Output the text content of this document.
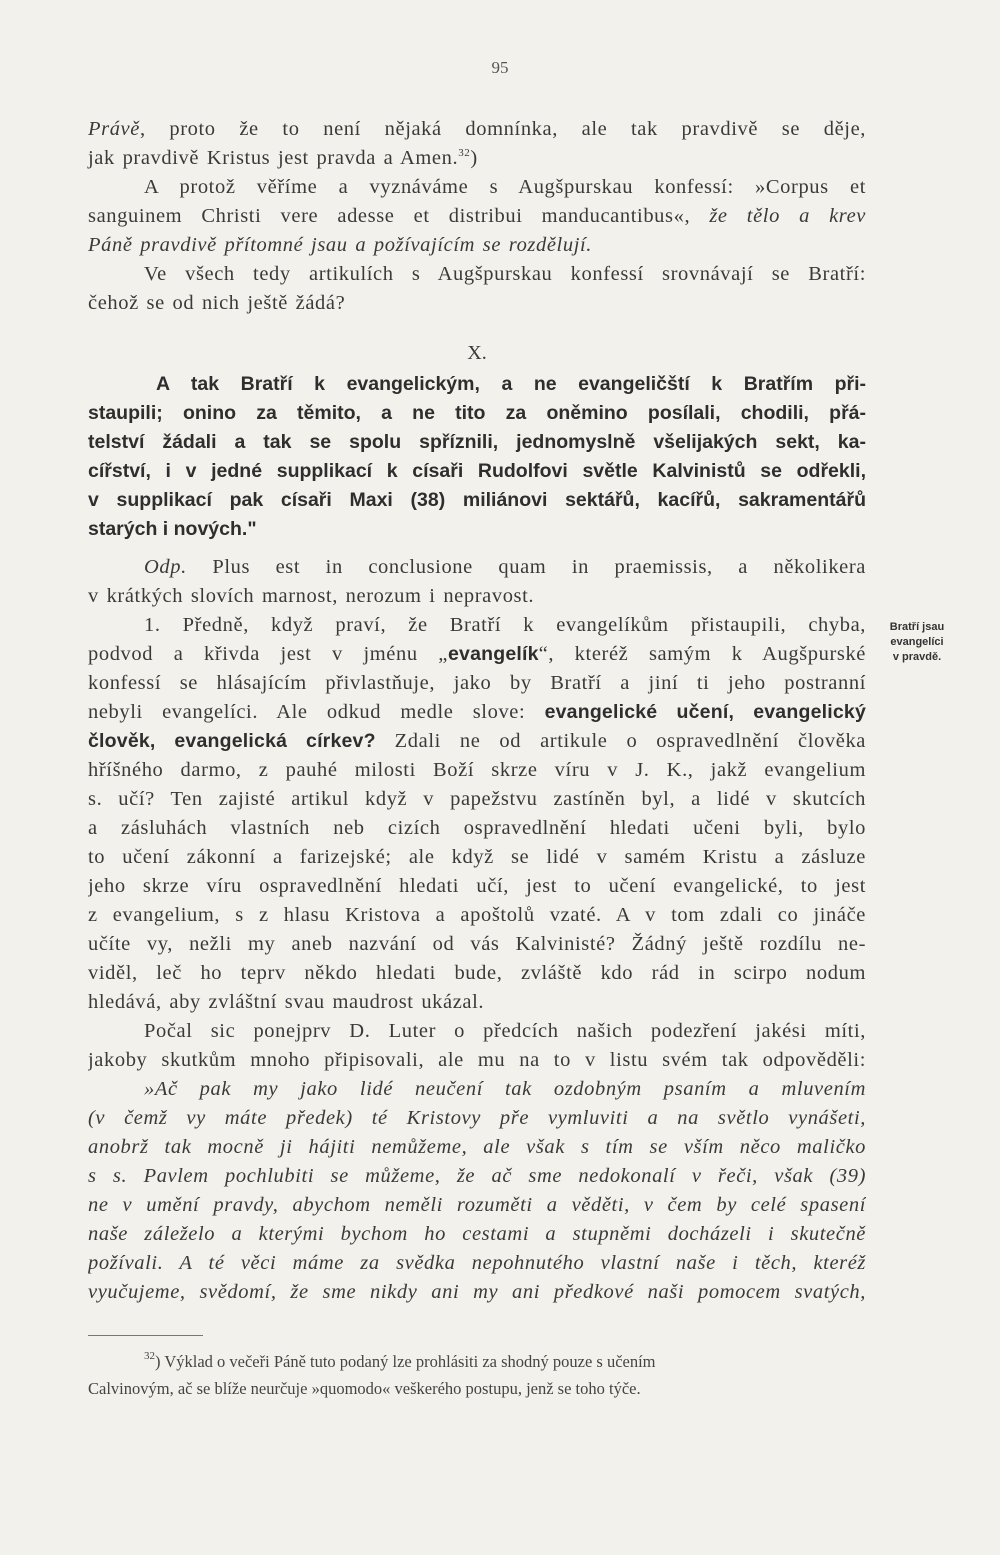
95
Právě, proto že to není nějaká domnínka, ale tak pravdivě se děje,
jak pravdivě Kristus jest pravda a Amen.$^{32}$)
A protož věříme a vyznáváme s Augšpurskau konfessí: »Corpus et
sanguinem Christi vere adesse et distribui manducantibus«, že tělo a krev
Páně pravdivě přítomné jsau a požívajícím se rozdělují.
Ve všech tedy artikulích s Augšpurskau konfessí srovnávají se Bratří:
čehož se od nich ještě žádá?
X.
A tak Bratří k evangelickým, a ne evangeličští k Bratřím při-
staupili; onino za těmito, a ne tito za oněmino posílali, chodili, přá-
telství žádali a tak se spolu spříznili, jednomyslně všelijakých sekt, ka-
cířství, i v jedné supplikací k císaři Rudolfovi světle Kalvinistů se odřekli,
v supplikací pak císaři Maxi (38) miliánovi sektářů, kacířů, sakramentářů
starých i nových."
Odp. Plus est in conclusione quam in praemissis, a několikera
v krátkých slovích marnost, nerozum i nepravost.
1. Předně, když praví, že Bratří k evangelíkům přistaupili, chyba,
podvod a křivda jest v jménu „evangelík“, kteréž samým k Augšpurské
konfessí se hlásajícím přivlastňuje, jako by Bratří a jiní ti jeho postranní
nebyli evangelíci. Ale odkud medle slove: evangelické učení, evangelický
člověk, evangelická církev? Zdali ne od artikule o ospravedlnění člověka
hříšného darmo, z pauhé milosti Boží skrze víru v J. K., jakž evangelium
s. učí? Ten zajisté artikul když v papežstvu zastíněn byl, a lidé v skutcích
a zásluhách vlastních neb cizích ospravedlnění hledati učeni byli, bylo
to učení zákonní a farizejské; ale když se lidé v samém Kristu a zásluze
jeho skrze víru ospravedlnění hledati učí, jest to učení evangelické, to jest
z evangelium, s z hlasu Kristova a apoštolů vzaté. A v tom zdali co jináče
učíte vy, nežli my aneb nazvání od vás Kalvinisté? Žádný ještě rozdílu ne-
viděl, leč ho teprv někdo hledati bude, zvláště kdo rád in scirpo nodum
hledává, aby zvláštní svau maudrost ukázal.
Počal sic ponejprv D. Luter o předcích našich podezření jakési míti,
jakoby skutkům mnoho připisovali, ale mu na to v listu svém tak odpověděli:
»Ač pak my jako lidé neučení tak ozdobným psaním a mluvením
(v čemž vy máte předek) té Kristovy pře vymluviti a na světlo vynášeti,
anobrž tak mocně ji hájiti nemůžeme, ale však s tím se vším něco maličko
s s. Pavlem pochlubiti se můžeme, že ač sme nedokonalí v řeči, však (39)
ne v umění pravdy, abychom neměli rozuměti a věděti, v čem by celé spasení
naše záleželo a kterými bychom ho cestami a stupněmi docházeli i skutečně
požívali. A té věci máme za svědka nepohnutého vlastní naše i těch, kteréž
vyučujeme, svědomí, že sme nikdy ani my ani předkové naši pomocem svatých,
Bratří jsau
evangelíci
v pravdě.
$^{32}$) Výklad o večeři Páně tuto podaný lze prohlásiti za shodný pouze s učením
Calvinovým, ač se blíže neurčuje »quomodo« veškerého postupu, jenž se toho týče.
